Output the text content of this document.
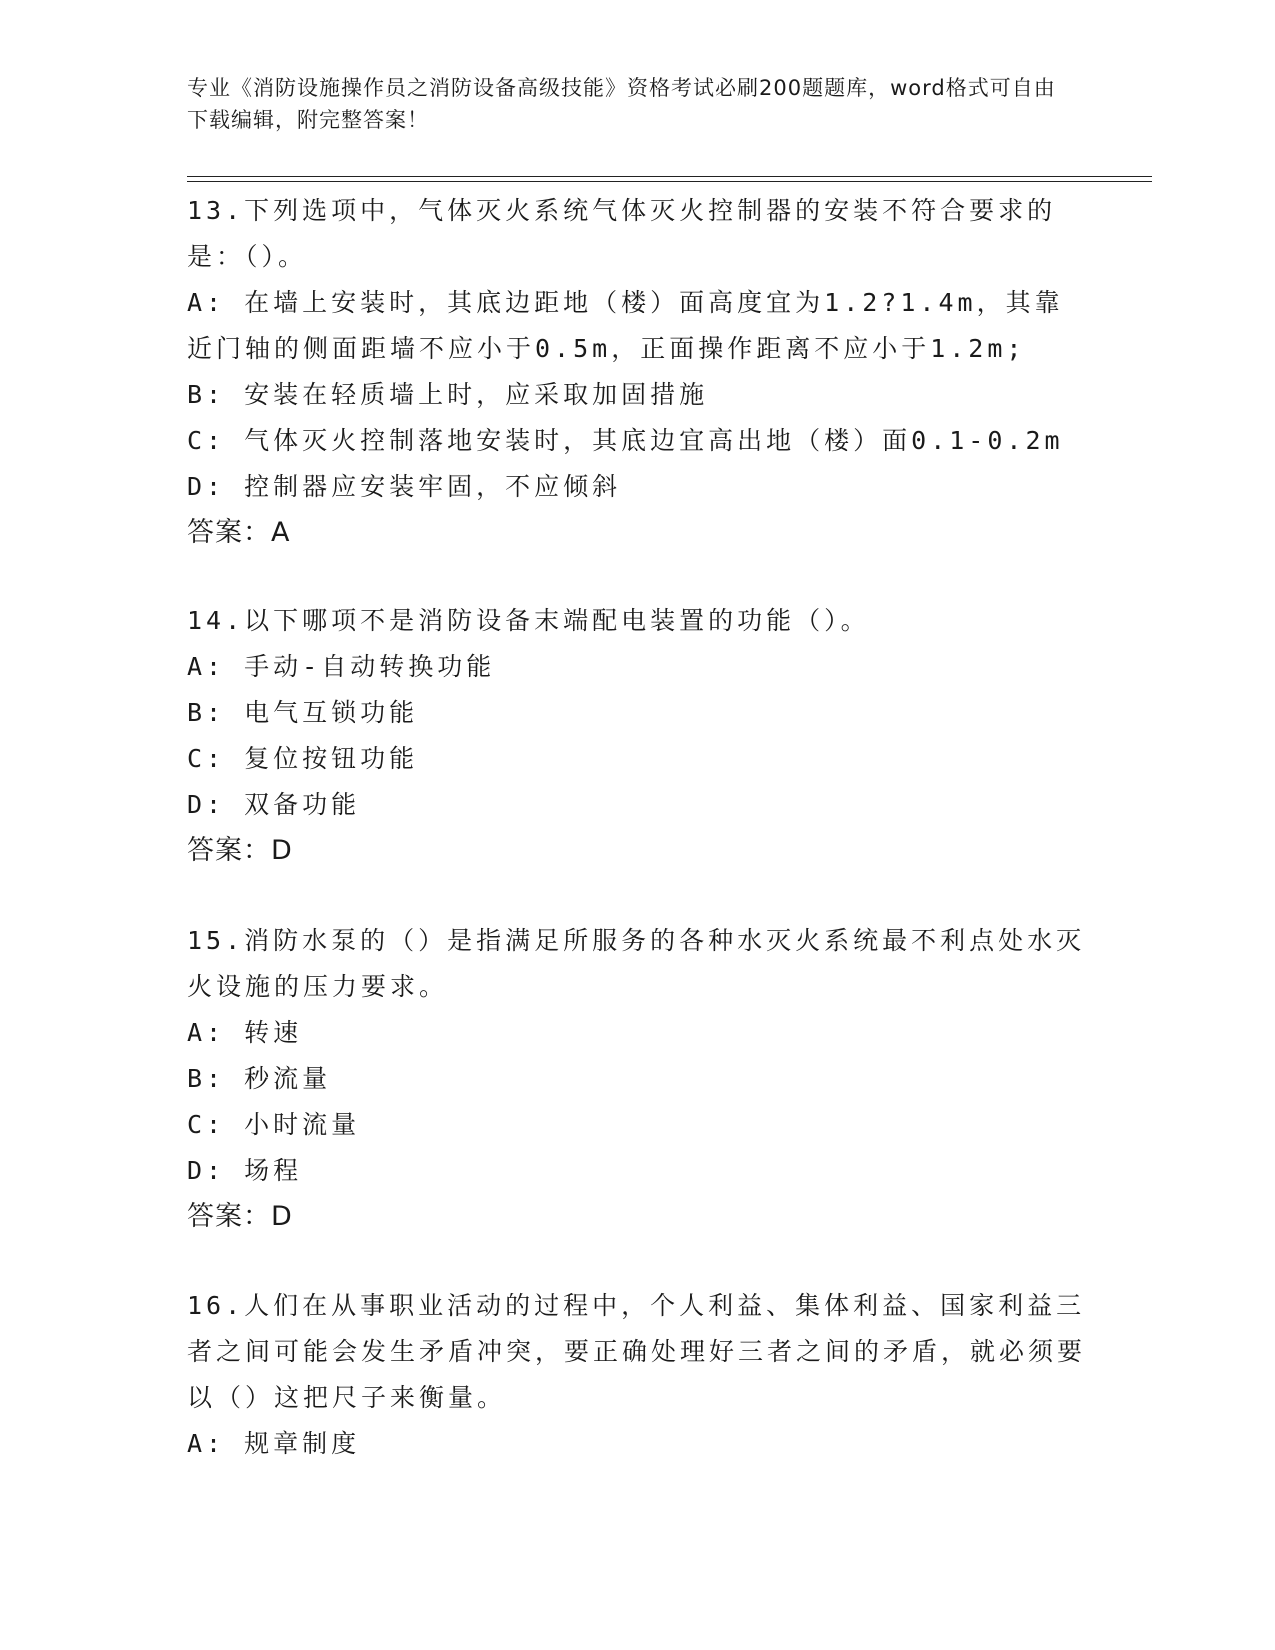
专业《消防设施操作员之消防设备高级技能》资格考试必刷200题题库，word格式可自由下载编辑，附完整答案！
13.下列选项中，气体灭火系统气体灭火控制器的安装不符合要求的是：（）。
A: 在墙上安装时，其底边距地（楼）面高度宜为1.2?1.4m，其靠近门轴的侧面距墙不应小于0.5m，正面操作距离不应小于1.2m;
B: 安装在轻质墙上时，应采取加固措施
C: 气体灭火控制落地安装时，其底边宜高出地（楼）面0.1-0.2m
D: 控制器应安装牢固，不应倾斜
答案：A
14.以下哪项不是消防设备末端配电装置的功能（）。
A: 手动-自动转换功能
B: 电气互锁功能
C: 复位按钮功能
D: 双备功能
答案：D
15.消防水泵的（）是指满足所服务的各种水灭火系统最不利点处水灭火设施的压力要求。
A: 转速
B: 秒流量
C: 小时流量
D: 场程
答案：D
16.人们在从事职业活动的过程中，个人利益、集体利益、国家利益三者之间可能会发生矛盾冲突，要正确处理好三者之间的矛盾，就必须要以（）这把尺子来衡量。
A: 规章制度
